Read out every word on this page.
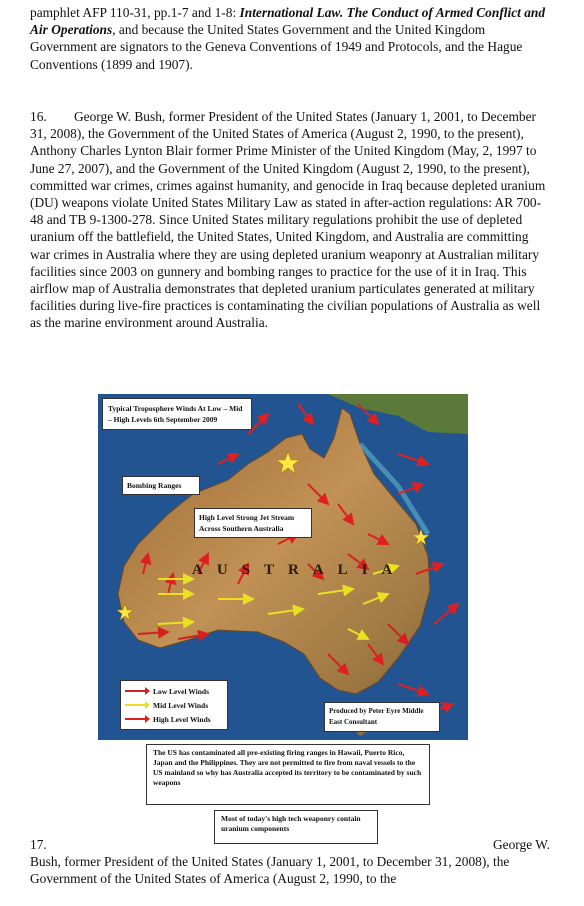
pamphlet AFP 110-31, pp.1-7 and 1-8: International Law. The Conduct of Armed Conflict and Air Operations, and because the United States Government and the United Kingdom Government are signators to the Geneva Conventions of 1949 and Protocols, and the Hague Conventions (1899 and 1907).

16. George W. Bush, former President of the United States (January 1, 2001, to December 31, 2008), the Government of the United States of America (August 2, 1990, to the present), Anthony Charles Lynton Blair former Prime Minister of the United Kingdom (May, 2, 1997 to June 27, 2007), and the Government of the United Kingdom (August 2, 1990, to the present), committed war crimes, crimes against humanity, and genocide in Iraq because depleted uranium (DU) weapons violate United States Military Law as stated in after-action regulations: AR 700-48 and TB 9-1300-278. Since United States military regulations prohibit the use of depleted uranium off the battlefield, the United States, United Kingdom, and Australia are committing war crimes in Australia where they are using depleted uranium weaponry at Australian military facilities since 2003 on gunnery and bombing ranges to practice for the use of it in Iraq. This airflow map of Australia demonstrates that depleted uranium particulates generated at military facilities during live-fire practices is contaminating the civilian populations of Australia as well as the marine environment around Australia.

Typical Troposphere Winds At Low – Mid – High Levels 6th September 2009
Bombing Ranges
High Level Strong Jet Stream Across Southern Australia
AUSTRALIA
Low Level Winds
Mid Level Winds
High Level Winds
Produced by Peter Eyre Middle East Consultant
The US has contaminated all pre-existing firing ranges in Hawaii, Puerto Rico, Japan and the Philippines. They are not permitted to fire from naval vessels to the US mainland so why has Australia accepted its territory to be contaminated by such weapons
Most of today's high tech weaponry contain uranium components
17.	George W.
Bush, former President of the United States (January 1, 2001, to December 31, 2008), the Government of the United States of America (August 2, 1990, to the
